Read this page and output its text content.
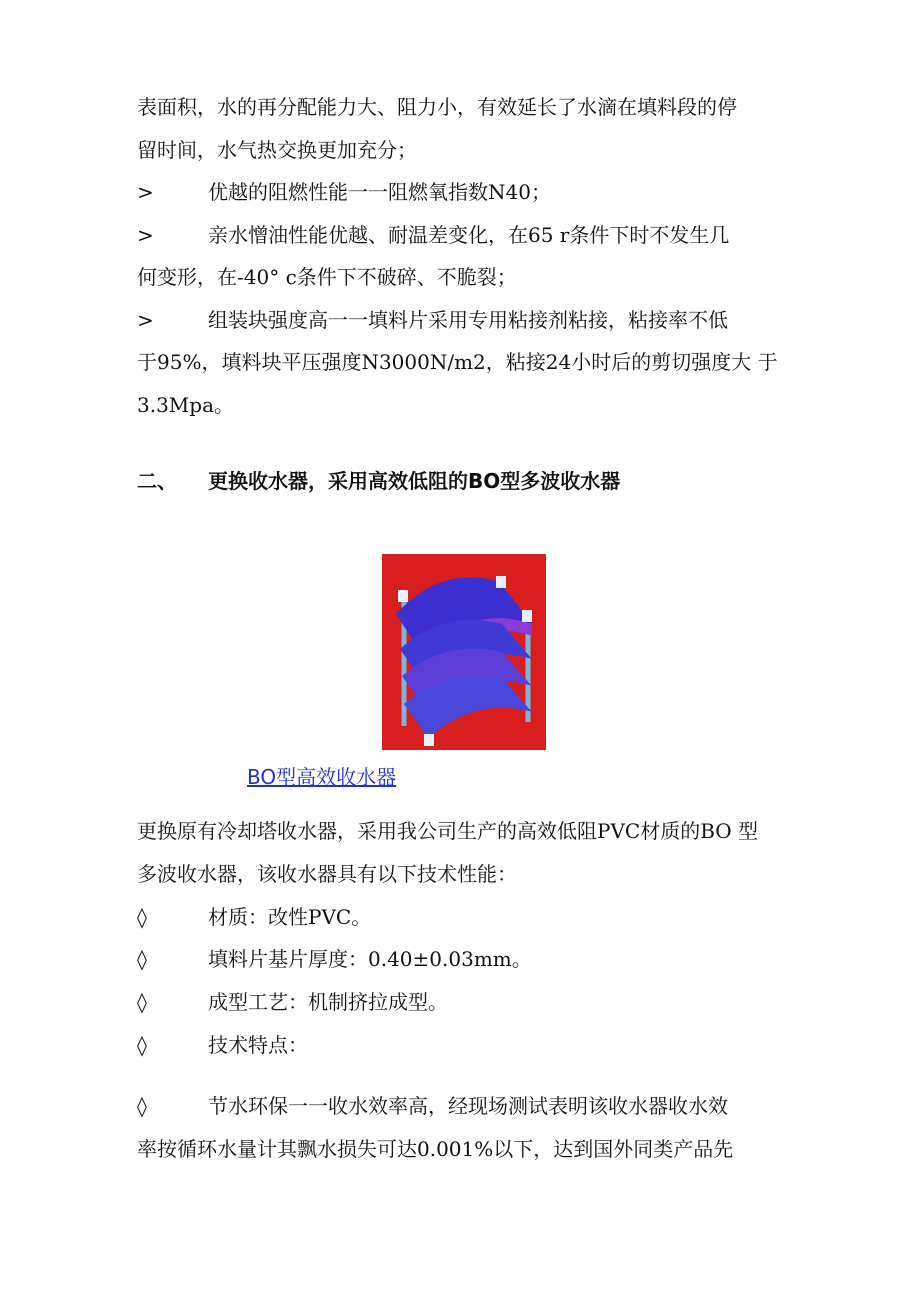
表面积，水的再分配能力大、阻力小，有效延长了水滴在填料段的停
留时间，水气热交换更加充分；
>	优越的阻燃性能一一阻燃氧指数N40；
>	亲水憎油性能优越、耐温差变化，在65 r条件下时不发生几
何变形，在-40° c条件下不破碎、不脆裂；
>	组装块强度高一一填料片采用专用粘接剂粘接，粘接率不低
于95%，填料块平压强度N3000N/m2，粘接24小时后的剪切强度大 于
3.3Mpa。
二、 更换收水器，采用高效低阻的BO型多波收水器
BO型高效收水器
更换原有冷却塔收水器，采用我公司生产的高效低阻PVC材质的BO 型
多波收水器，该收水器具有以下技术性能：
◊	材质：改性PVC。
◊	填料片基片厚度：0.40±0.03mm。
◊	成型工艺：机制挤拉成型。
◊	技术特点：
◊	节水环保一一收水效率高，经现场测试表明该收水器收水效
率按循环水量计其飘水损失可达0.001%以下，达到国外同类产品先
